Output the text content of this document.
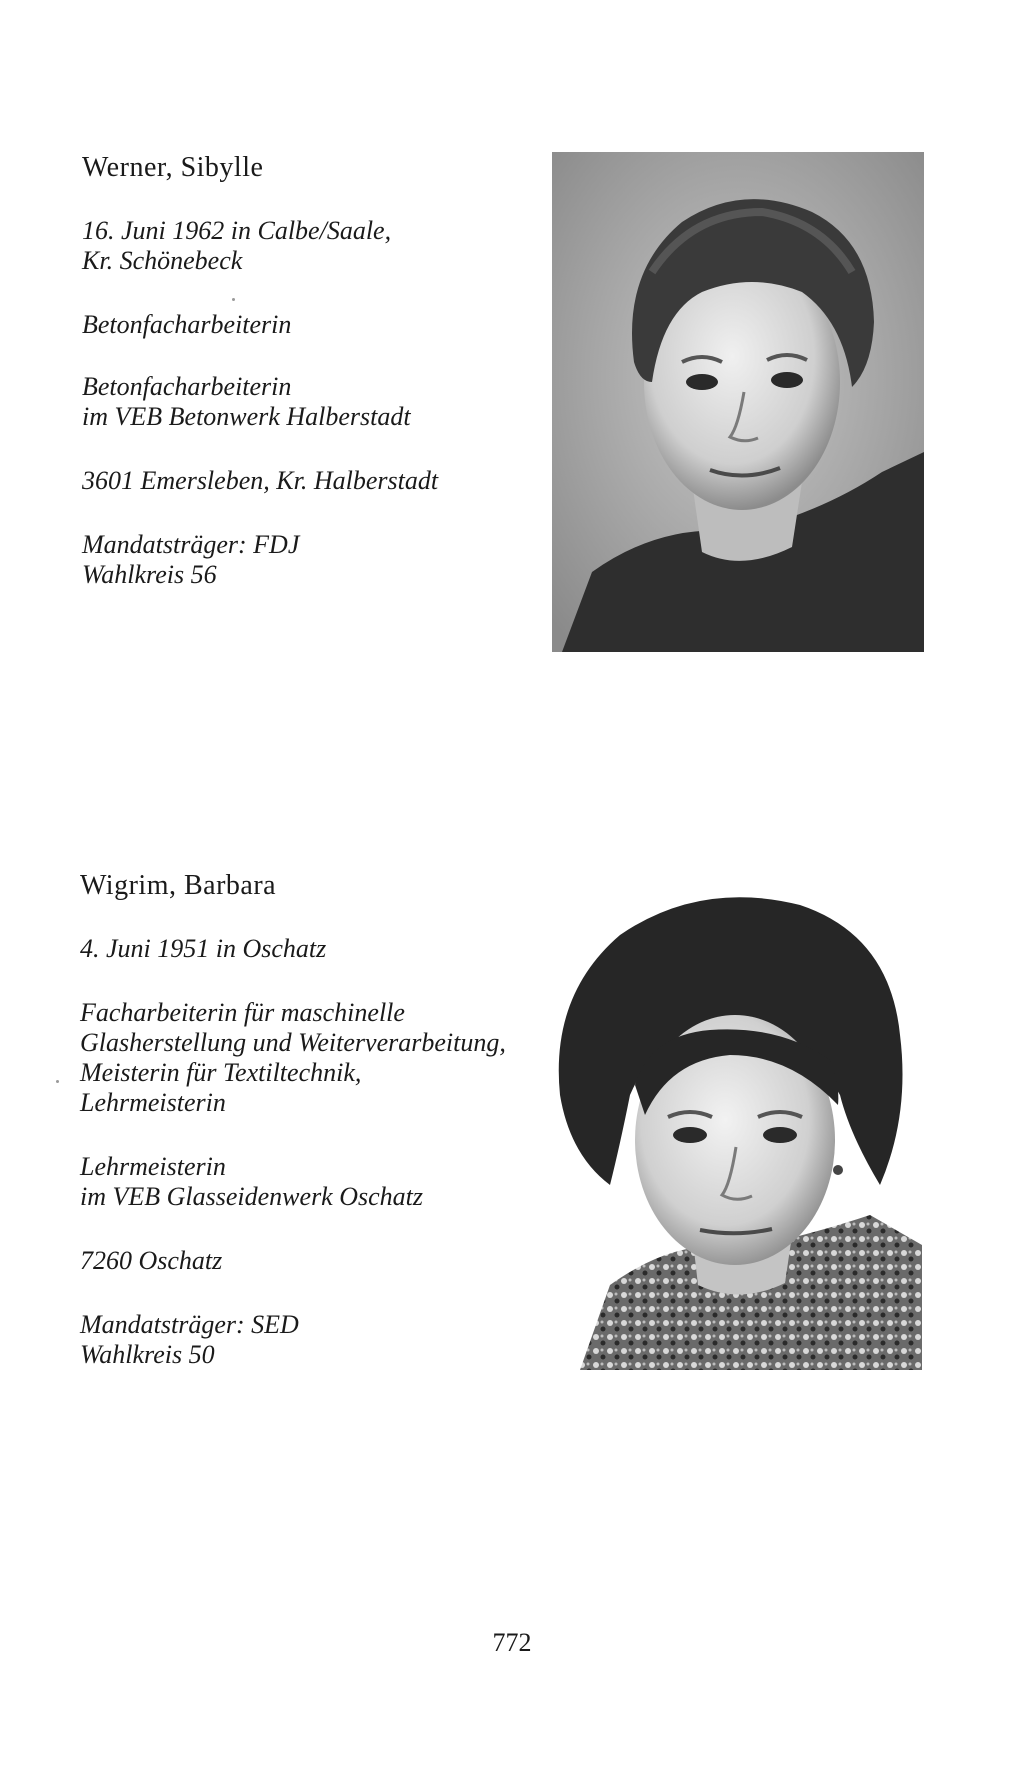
Werner, Sibylle

16. Juni 1962 in Calbe/Saale,

Kr. Schönebeck

Betonfacharbeiterin

Betonfacharbeiterin

im VEB Betonwerk Halberstadt

3601 Emersleben, Kr. Halberstadt

Mandatsträger: FDJ

Wahlkreis 56

Wigrim, Barbara

4. Juni 1951 in Oschatz

Facharbeiterin für maschinelle

Glasherstellung und Weiterverarbeitung,

Meisterin für Textiltechnik,

Lehrmeisterin

Lehrmeisterin

im VEB Glasseidenwerk Oschatz

7260 Oschatz

Mandatsträger: SED

Wahlkreis 50

772
